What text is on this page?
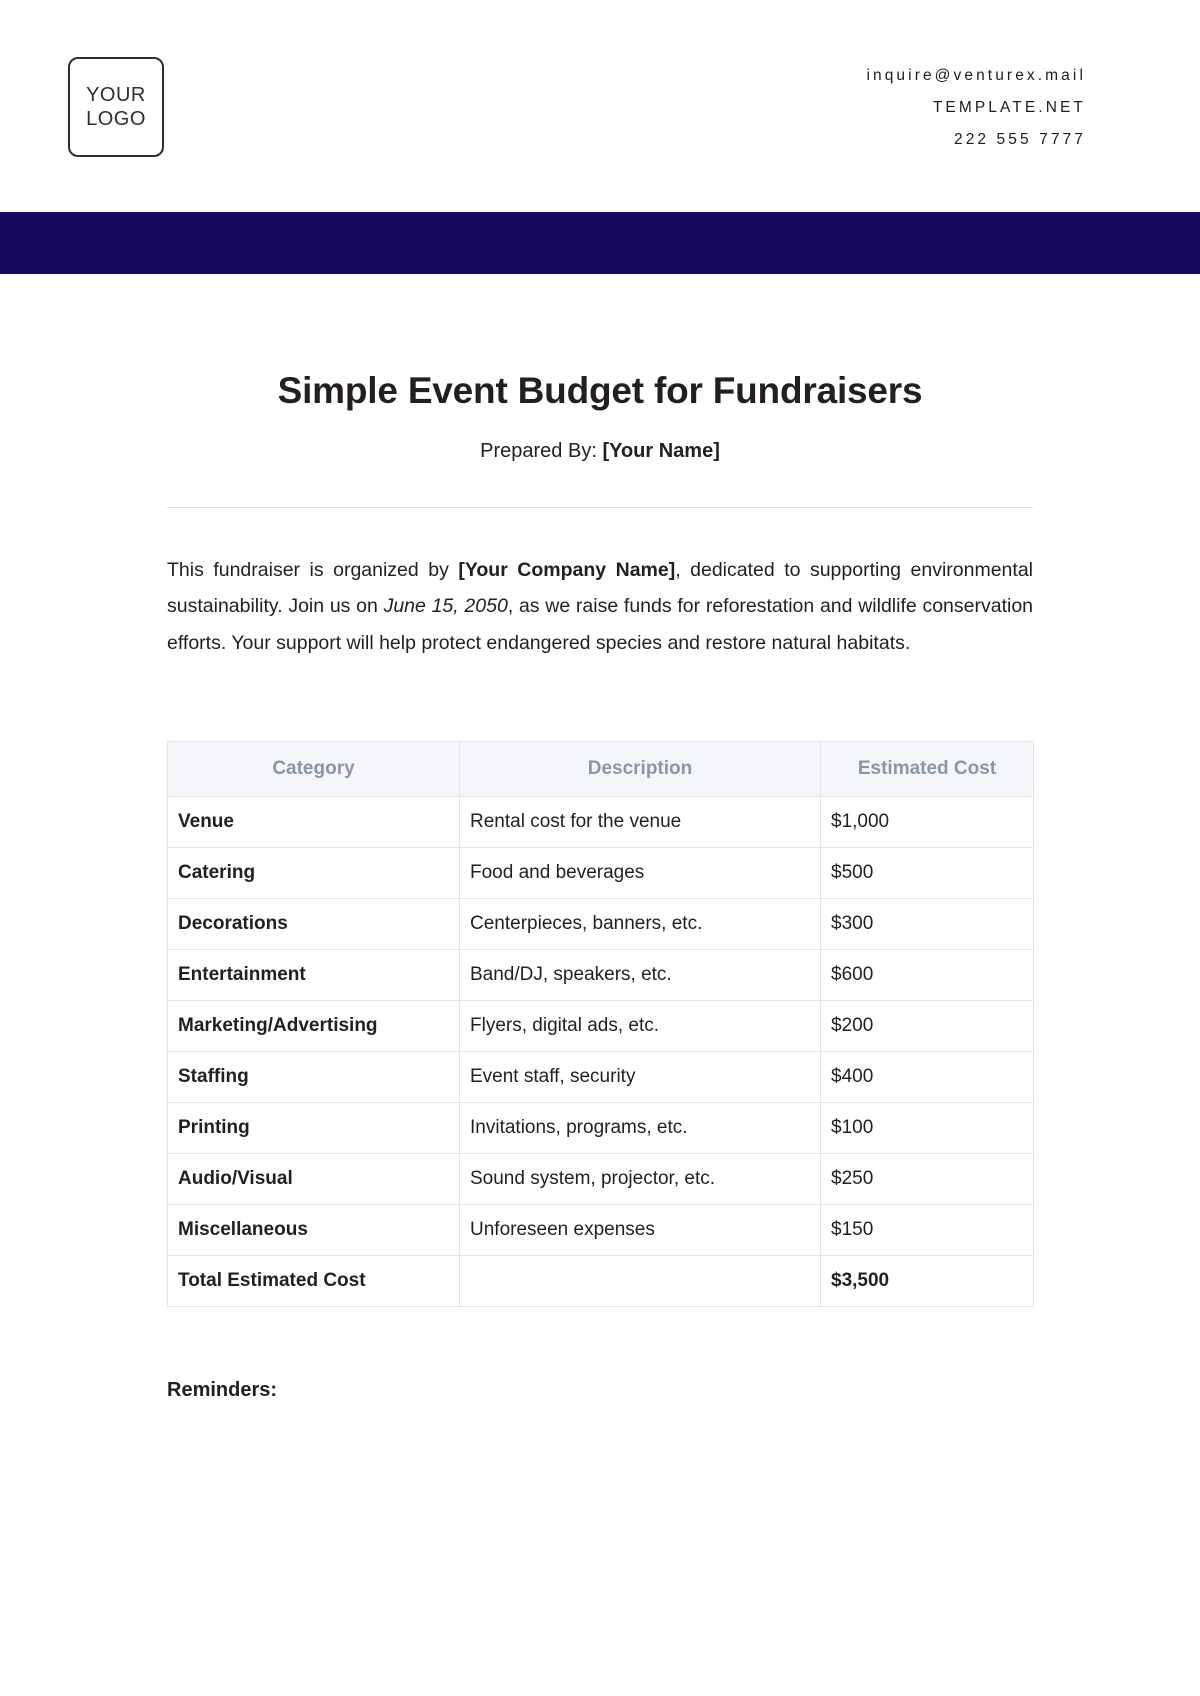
YOUR
LOGO
inquire@venturex.mail
TEMPLATE.NET
222 555 7777
Simple Event Budget for Fundraisers
Prepared By: [Your Name]

This fundraiser is organized by [Your Company Name], dedicated to supporting environmental sustainability. Join us on June 15, 2050, as we raise funds for reforestation and wildlife conservation efforts. Your support will help protect endangered species and restore natural habitats.

Category	Description	Estimated Cost
Venue	Rental cost for the venue	$1,000
Catering	Food and beverages	$500
Decorations	Centerpieces, banners, etc.	$300
Entertainment	Band/DJ, speakers, etc.	$600
Marketing/Advertising	Flyers, digital ads, etc.	$200
Staffing	Event staff, security	$400
Printing	Invitations, programs, etc.	$100
Audio/Visual	Sound system, projector, etc.	$250
Miscellaneous	Unforeseen expenses	$150
Total Estimated Cost		$3,500
Reminders:
